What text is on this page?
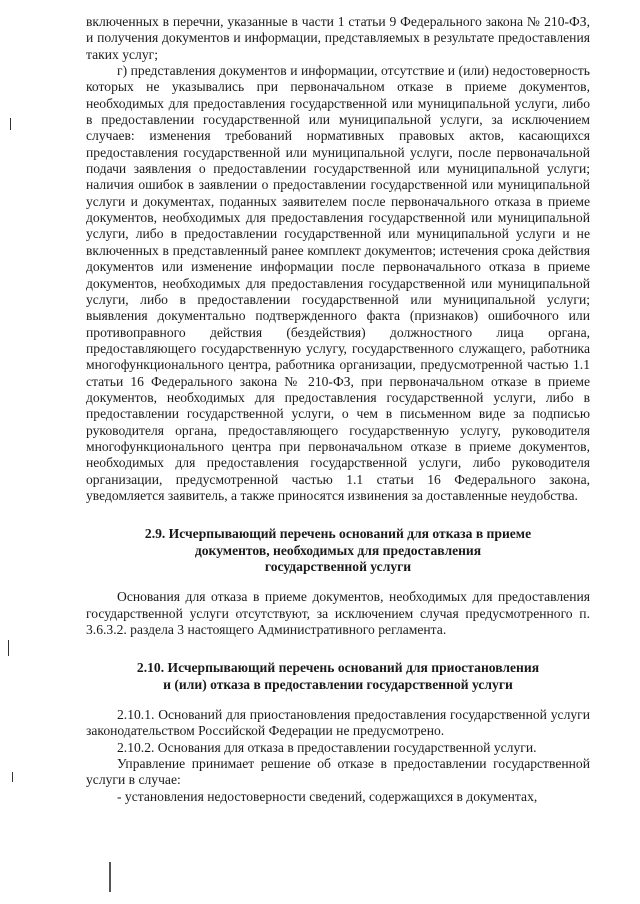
включенных в перечни, указанные в части 1 статьи 9 Федерального закона № 210-ФЗ, и получения документов и информации, представляемых в результате предоставления таких услуг;

г) представления документов и информации, отсутствие и (или) недостоверность которых не указывались при первоначальном отказе в приеме документов, необходимых для предоставления государственной или муниципальной услуги, либо в предоставлении государственной или муниципальной услуги, за исключением случаев: изменения требований нормативных правовых актов, касающихся предоставления государственной или муниципальной услуги, после первоначальной подачи заявления о предоставлении государственной или муниципальной услуги; наличия ошибок в заявлении о предоставлении государственной или муниципальной услуги и документах, поданных заявителем после первоначального отказа в приеме документов, необходимых для предоставления государственной или муниципальной услуги, либо в предоставлении государственной или муниципальной услуги и не включенных в представленный ранее комплект документов; истечения срока действия документов или изменение информации после первоначального отказа в приеме документов, необходимых для предоставления государственной или муниципальной услуги, либо в предоставлении государственной или муниципальной услуги; выявления документально подтвержденного факта (признаков) ошибочного или противоправного действия (бездействия) должностного лица органа, предоставляющего государственную услугу, государственного служащего, работника многофункционального центра, работника организации, предусмотренной частью 1.1 статьи 16 Федерального закона № 210-ФЗ, при первоначальном отказе в приеме документов, необходимых для предоставления государственной услуги, либо в предоставлении государственной услуги, о чем в письменном виде за подписью руководителя органа, предоставляющего государственную услугу, руководителя многофункционального центра при первоначальном отказе в приеме документов, необходимых для предоставления государственной услуги, либо руководителя организации, предусмотренной частью 1.1 статьи 16 Федерального закона, уведомляется заявитель, а также приносятся извинения за доставленные неудобства.

2.9. Исчерпывающий перечень оснований для отказа в приеме
документов, необходимых для предоставления
государственной услуги

Основания для отказа в приеме документов, необходимых для предоставления государственной услуги отсутствуют, за исключением случая предусмотренного п. 3.6.3.2. раздела 3 настоящего Административного регламента.

2.10. Исчерпывающий перечень оснований для приостановления
и (или) отказа в предоставлении государственной услуги

2.10.1. Оснований для приостановления предоставления государственной услуги законодательством Российской Федерации не предусмотрено.

2.10.2. Основания для отказа в предоставлении государственной услуги.

Управление принимает решение об отказе в предоставлении государственной услуги в случае:

- установления недостоверности сведений, содержащихся в документах,
